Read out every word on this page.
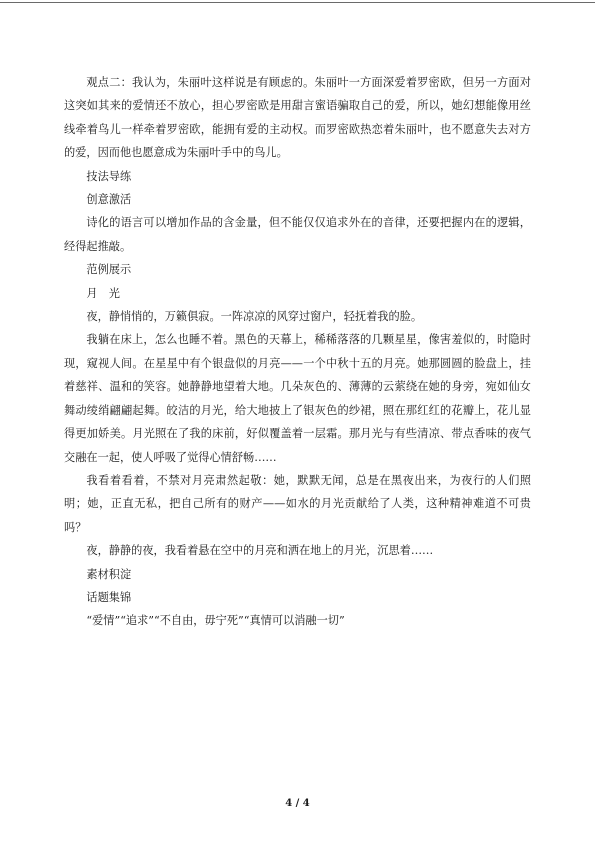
观点二：我认为，朱丽叶这样说是有顾虑的。朱丽叶一方面深爱着罗密欧，但另一方面对这突如其来的爱情还不放心，担心罗密欧是用甜言蜜语骗取自己的爱，所以，她幻想能像用丝线牵着鸟儿一样牵着罗密欧，能拥有爱的主动权。而罗密欧热恋着朱丽叶，也不愿意失去对方的爱，因而他也愿意成为朱丽叶手中的鸟儿。

技法导练

创意激活

诗化的语言可以增加作品的含金量，但不能仅仅追求外在的音律，还要把握内在的逻辑，经得起推敲。

范例展示

月　光

夜，静悄悄的，万籁俱寂。一阵凉凉的风穿过窗户，轻抚着我的脸。

我躺在床上，怎么也睡不着。黑色的天幕上，稀稀落落的几颗星星，像害羞似的，时隐时现，窥视人间。在星星中有个银盘似的月亮——一个中秋十五的月亮。她那圆圆的脸盘上，挂着慈祥、温和的笑容。她静静地望着大地。几朵灰色的、薄薄的云萦绕在她的身旁，宛如仙女舞动绫绡翩翩起舞。皎洁的月光，给大地披上了银灰色的纱裙，照在那红红的花瓣上，花儿显得更加娇美。月光照在了我的床前，好似覆盖着一层霜。那月光与有些清凉、带点香味的夜气交融在一起，使人呼吸了觉得心情舒畅……

我看着看着，不禁对月亮肃然起敬：她，默默无闻，总是在黑夜出来，为夜行的人们照明；她，正直无私，把自己所有的财产——如水的月光贡献给了人类，这种精神难道不可贵吗？

夜，静静的夜，我看着悬在空中的月亮和洒在地上的月光，沉思着……

素材积淀

话题集锦

“爱情”“追求”“不自由，毋宁死”“真情可以消融一切”

4 / 4
